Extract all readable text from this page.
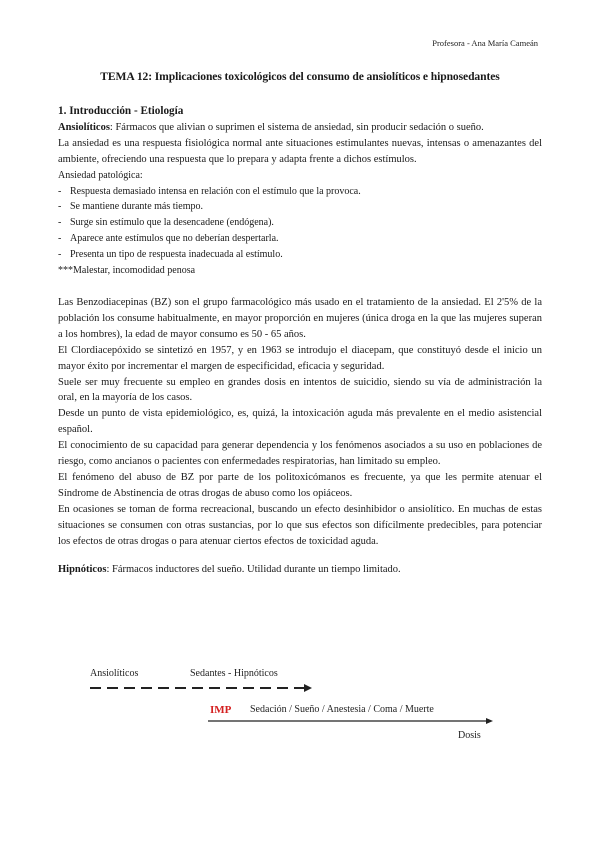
Profesora - Ana María Cameán
TEMA 12: Implicaciones toxicológicos del consumo de ansiolíticos e hipnosedantes

1. Introducción - Etiología

Ansiolíticos: Fármacos que alivian o suprimen el sistema de ansiedad, sin producir sedación o sueño.

La ansiedad es una respuesta fisiológica normal ante situaciones estimulantes nuevas, intensas o amenazantes del ambiente, ofreciendo una respuesta que lo prepara y adapta frente a dichos estímulos.

Ansiedad patológica:

- Respuesta demasiado intensa en relación con el estímulo que la provoca.
- Se mantiene durante más tiempo.
- Surge sin estímulo que la desencadene (endógena).
- Aparece ante estímulos que no deberían despertarla.
- Presenta un tipo de respuesta inadecuada al estímulo.

***Malestar, incomodidad penosa

Las Benzodiacepinas (BZ) son el grupo farmacológico más usado en el tratamiento de la ansiedad. El 2'5% de la población los consume habitualmente, en mayor proporción en mujeres (única droga en la que las mujeres superan a los hombres), la edad de mayor consumo es 50 - 65 años.

El Clordiacepóxido se sintetizó en 1957, y en 1963 se introdujo el diacepam, que constituyó desde el inicio un mayor éxito por incrementar el margen de especificidad, eficacia y seguridad.

Suele ser muy frecuente su empleo en grandes dosis en intentos de suicidio, siendo su vía de administración la oral, en la mayoría de los casos.

Desde un punto de vista epidemiológico, es, quizá, la intoxicación aguda más prevalente en el medio asistencial español.

El conocimiento de su capacidad para generar dependencia y los fenómenos asociados a su uso en poblaciones de riesgo, como ancianos o pacientes con enfermedades respiratorias, han limitado su empleo.

El fenómeno del abuso de BZ por parte de los politoxicómanos es frecuente, ya que les permite atenuar el Síndrome de Abstinencia de otras drogas de abuso como los opiáceos.

En ocasiones se toman de forma recreacional, buscando un efecto desinhibidor o ansiolítico. En muchas de estas situaciones se consumen con otras sustancias, por lo que sus efectos son difícilmente predecibles, para potenciar los efectos de otras drogas o para atenuar ciertos efectos de toxicidad aguda.

Hipnóticos: Fármacos inductores del sueño. Utilidad durante un tiempo limitado.

Ansiolíticos	Sedantes - Hipnóticos
IMP Sedación / Sueño / Anestesia / Coma / Muerte
Dosis
